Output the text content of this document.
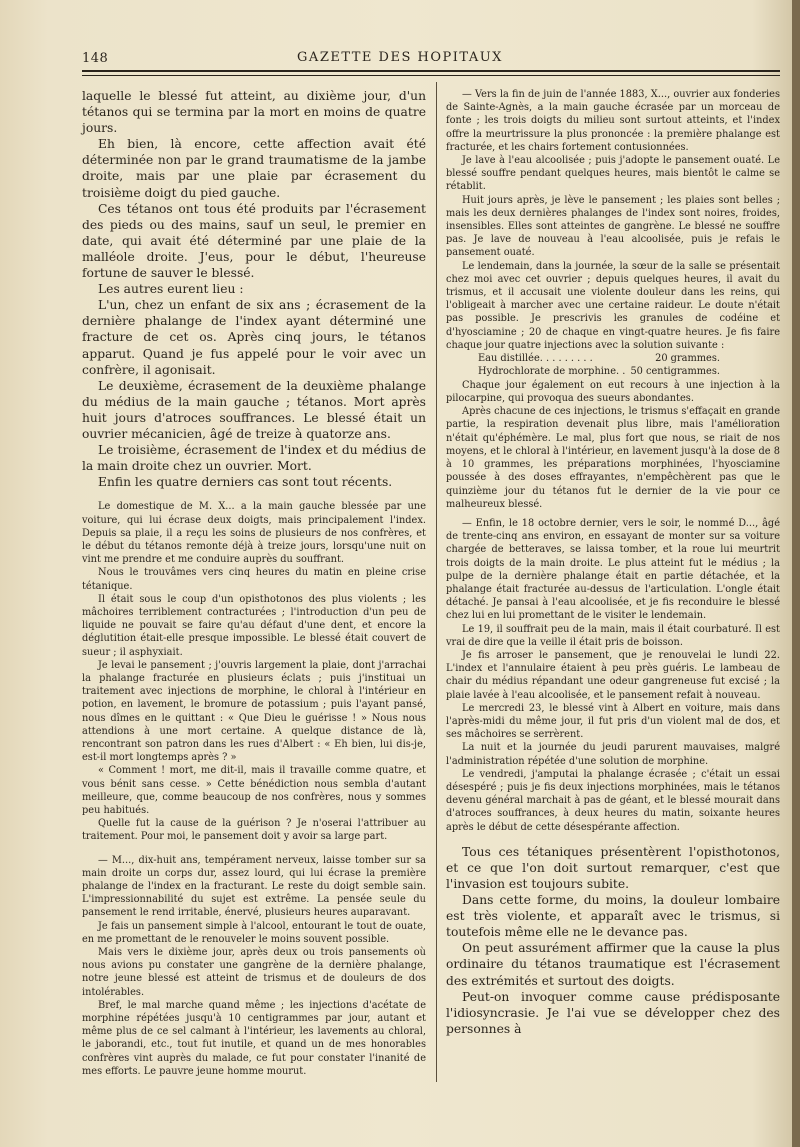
148	GAZETTE DES HOPITAUX

laquelle le blessé fut atteint, au dixième jour, d'un tétanos qui se termina par la mort en moins de quatre jours.

Eh bien, là encore, cette affection avait été déterminée non par le grand traumatisme de la jambe droite, mais par une plaie par écrasement du troisième doigt du pied gauche.

Ces tétanos ont tous été produits par l'écrasement des pieds ou des mains, sauf un seul, le premier en date, qui avait été déterminé par une plaie de la malléole droite. J'eus, pour le début, l'heureuse fortune de sauver le blessé.

Les autres eurent lieu :

L'un, chez un enfant de six ans ; écrasement de la dernière phalange de l'index ayant déterminé une fracture de cet os. Après cinq jours, le tétanos apparut. Quand je fus appelé pour le voir avec un confrère, il agonisait.

Le deuxième, écrasement de la deuxième phalange du médius de la main gauche ; tétanos. Mort après huit jours d'atroces souffrances. Le blessé était un ouvrier mécanicien, âgé de treize à quatorze ans.

Le troisième, écrasement de l'index et du médius de la main droite chez un ouvrier. Mort.

Enfin les quatre derniers cas sont tout récents.

Le domestique de M. X... a la main gauche blessée par une voiture, qui lui écrase deux doigts, mais principalement l'index. Depuis sa plaie, il a reçu les soins de plusieurs de nos confrères, et le début du tétanos remonte déjà à treize jours, lorsqu'une nuit on vint me prendre et me conduire auprès du souffrant.

Nous le trouvâmes vers cinq heures du matin en pleine crise tétanique.

Il était sous le coup d'un opisthotonos des plus violents ; les mâchoires terriblement contracturées ; l'introduction d'un peu de liquide ne pouvait se faire qu'au défaut d'une dent, et encore la déglutition était-elle presque impossible. Le blessé était couvert de sueur ; il asphyxiait.

Je levai le pansement ; j'ouvris largement la plaie, dont j'arrachai la phalange fracturée en plusieurs éclats ; puis j'instituai un traitement avec injections de morphine, le chloral à l'intérieur en potion, en lavement, le bromure de potassium ; puis l'ayant pansé, nous dîmes en le quittant : « Que Dieu le guérisse ! » Nous nous attendions à une mort certaine. A quelque distance de là, rencontrant son patron dans les rues d'Albert : « Eh bien, lui dis-je, est-il mort longtemps après ? »

« Comment ! mort, me dit-il, mais il travaille comme quatre, et vous bénit sans cesse. » Cette bénédiction nous sembla d'autant meilleure, que, comme beaucoup de nos confrères, nous y sommes peu habitués.

Quelle fut la cause de la guérison ? Je n'oserai l'attribuer au traitement. Pour moi, le pansement doit y avoir sa large part.

— M..., dix-huit ans, tempérament nerveux, laisse tomber sur sa main droite un corps dur, assez lourd, qui lui écrase la première phalange de l'index en la fracturant. Le reste du doigt semble sain. L'impressionnabilité du sujet est extrême. La pensée seule du pansement le rend irritable, énervé, plusieurs heures auparavant.

Je fais un pansement simple à l'alcool, entourant le tout de ouate, en me promettant de le renouveler le moins souvent possible.

Mais vers le dixième jour, après deux ou trois pansements où nous avions pu constater une gangrène de la dernière phalange, notre jeune blessé est atteint de trismus et de douleurs de dos intolérables.

Bref, le mal marche quand même ; les injections d'acétate de morphine répétées jusqu'à 10 centigrammes par jour, autant et même plus de ce sel calmant à l'intérieur, les lavements au chloral, le jaborandi, etc., tout fut inutile, et quand un de mes honorables confrères vint auprès du malade, ce fut pour constater l'inanité de mes efforts. Le pauvre jeune homme mourut.

— Vers la fin de juin de l'année 1883, X..., ouvrier aux fonderies de Sainte-Agnès, a la main gauche écrasée par un morceau de fonte ; les trois doigts du milieu sont surtout atteints, et l'index offre la meurtrissure la plus prononcée : la première phalange est fracturée, et les chairs fortement contusionnées.

Je lave à l'eau alcoolisée ; puis j'adopte le pansement ouaté. Le blessé souffre pendant quelques heures, mais bientôt le calme se rétablit.

Huit jours après, je lève le pansement ; les plaies sont belles ; mais les deux dernières phalanges de l'index sont noires, froides, insensibles. Elles sont atteintes de gangrène. Le blessé ne souffre pas. Je lave de nouveau à l'eau alcoolisée, puis je refais le pansement ouaté.

Le lendemain, dans la journée, la sœur de la salle se présentait chez moi avec cet ouvrier ; depuis quelques heures, il avait du trismus, et il accusait une violente douleur dans les reins, qui l'obligeait à marcher avec une certaine raideur. Le doute n'était pas possible. Je prescrivis les granules de codéine et d'hyosciamine ; 20 de chaque en vingt-quatre heures. Je fis faire chaque jour quatre injections avec la solution suivante :

Eau distillée. . . . . . . . .	20 grammes.
Hydrochlorate de morphine. . 50 centigrammes.

Chaque jour également on eut recours à une injection à la pilocarpine, qui provoqua des sueurs abondantes.

Après chacune de ces injections, le trismus s'effaçait en grande partie, la respiration devenait plus libre, mais l'amélioration n'était qu'éphémère. Le mal, plus fort que nous, se riait de nos moyens, et le chloral à l'intérieur, en lavement jusqu'à la dose de 8 à 10 grammes, les préparations morphinées, l'hyosciamine poussée à des doses effrayantes, n'empêchèrent pas que le quinzième jour du tétanos fut le dernier de la vie pour ce malheureux blessé.

— Enfin, le 18 octobre dernier, vers le soir, le nommé D..., âgé de trente-cinq ans environ, en essayant de monter sur sa voiture chargée de betteraves, se laissa tomber, et la roue lui meurtrit trois doigts de la main droite. Le plus atteint fut le médius ; la pulpe de la dernière phalange était en partie détachée, et la phalange était fracturée au-dessus de l'articulation. L'ongle était détaché. Je pansai à l'eau alcoolisée, et je fis reconduire le blessé chez lui en lui promettant de le visiter le lendemain.

Le 19, il souffrait peu de la main, mais il était courbaturé. Il est vrai de dire que la veille il était pris de boisson.

Je fis arroser le pansement, que je renouvelai le lundi 22. L'index et l'annulaire étaient à peu près guéris. Le lambeau de chair du médius répandant une odeur gangreneuse fut excisé ; la plaie lavée à l'eau alcoolisée, et le pansement refait à nouveau.

Le mercredi 23, le blessé vint à Albert en voiture, mais dans l'après-midi du même jour, il fut pris d'un violent mal de dos, et ses mâchoires se serrèrent.

La nuit et la journée du jeudi parurent mauvaises, malgré l'administration répétée d'une solution de morphine.

Le vendredi, j'amputai la phalange écrasée ; c'était un essai désespéré ; puis je fis deux injections morphinées, mais le tétanos devenu général marchait à pas de géant, et le blessé mourait dans d'atroces souffrances, à deux heures du matin, soixante heures après le début de cette désespérante affection.

Tous ces tétaniques présentèrent l'opisthotonos, et ce que l'on doit surtout remarquer, c'est que l'invasion est toujours subite.

Dans cette forme, du moins, la douleur lombaire est très violente, et apparaît avec le trismus, si toutefois même elle ne le devance pas.

On peut assurément affirmer que la cause la plus ordinaire du tétanos traumatique est l'écrasement des extrémités et surtout des doigts.

Peut-on invoquer comme cause prédisposante l'idiosyncrasie. Je l'ai vue se développer chez des personnes à
